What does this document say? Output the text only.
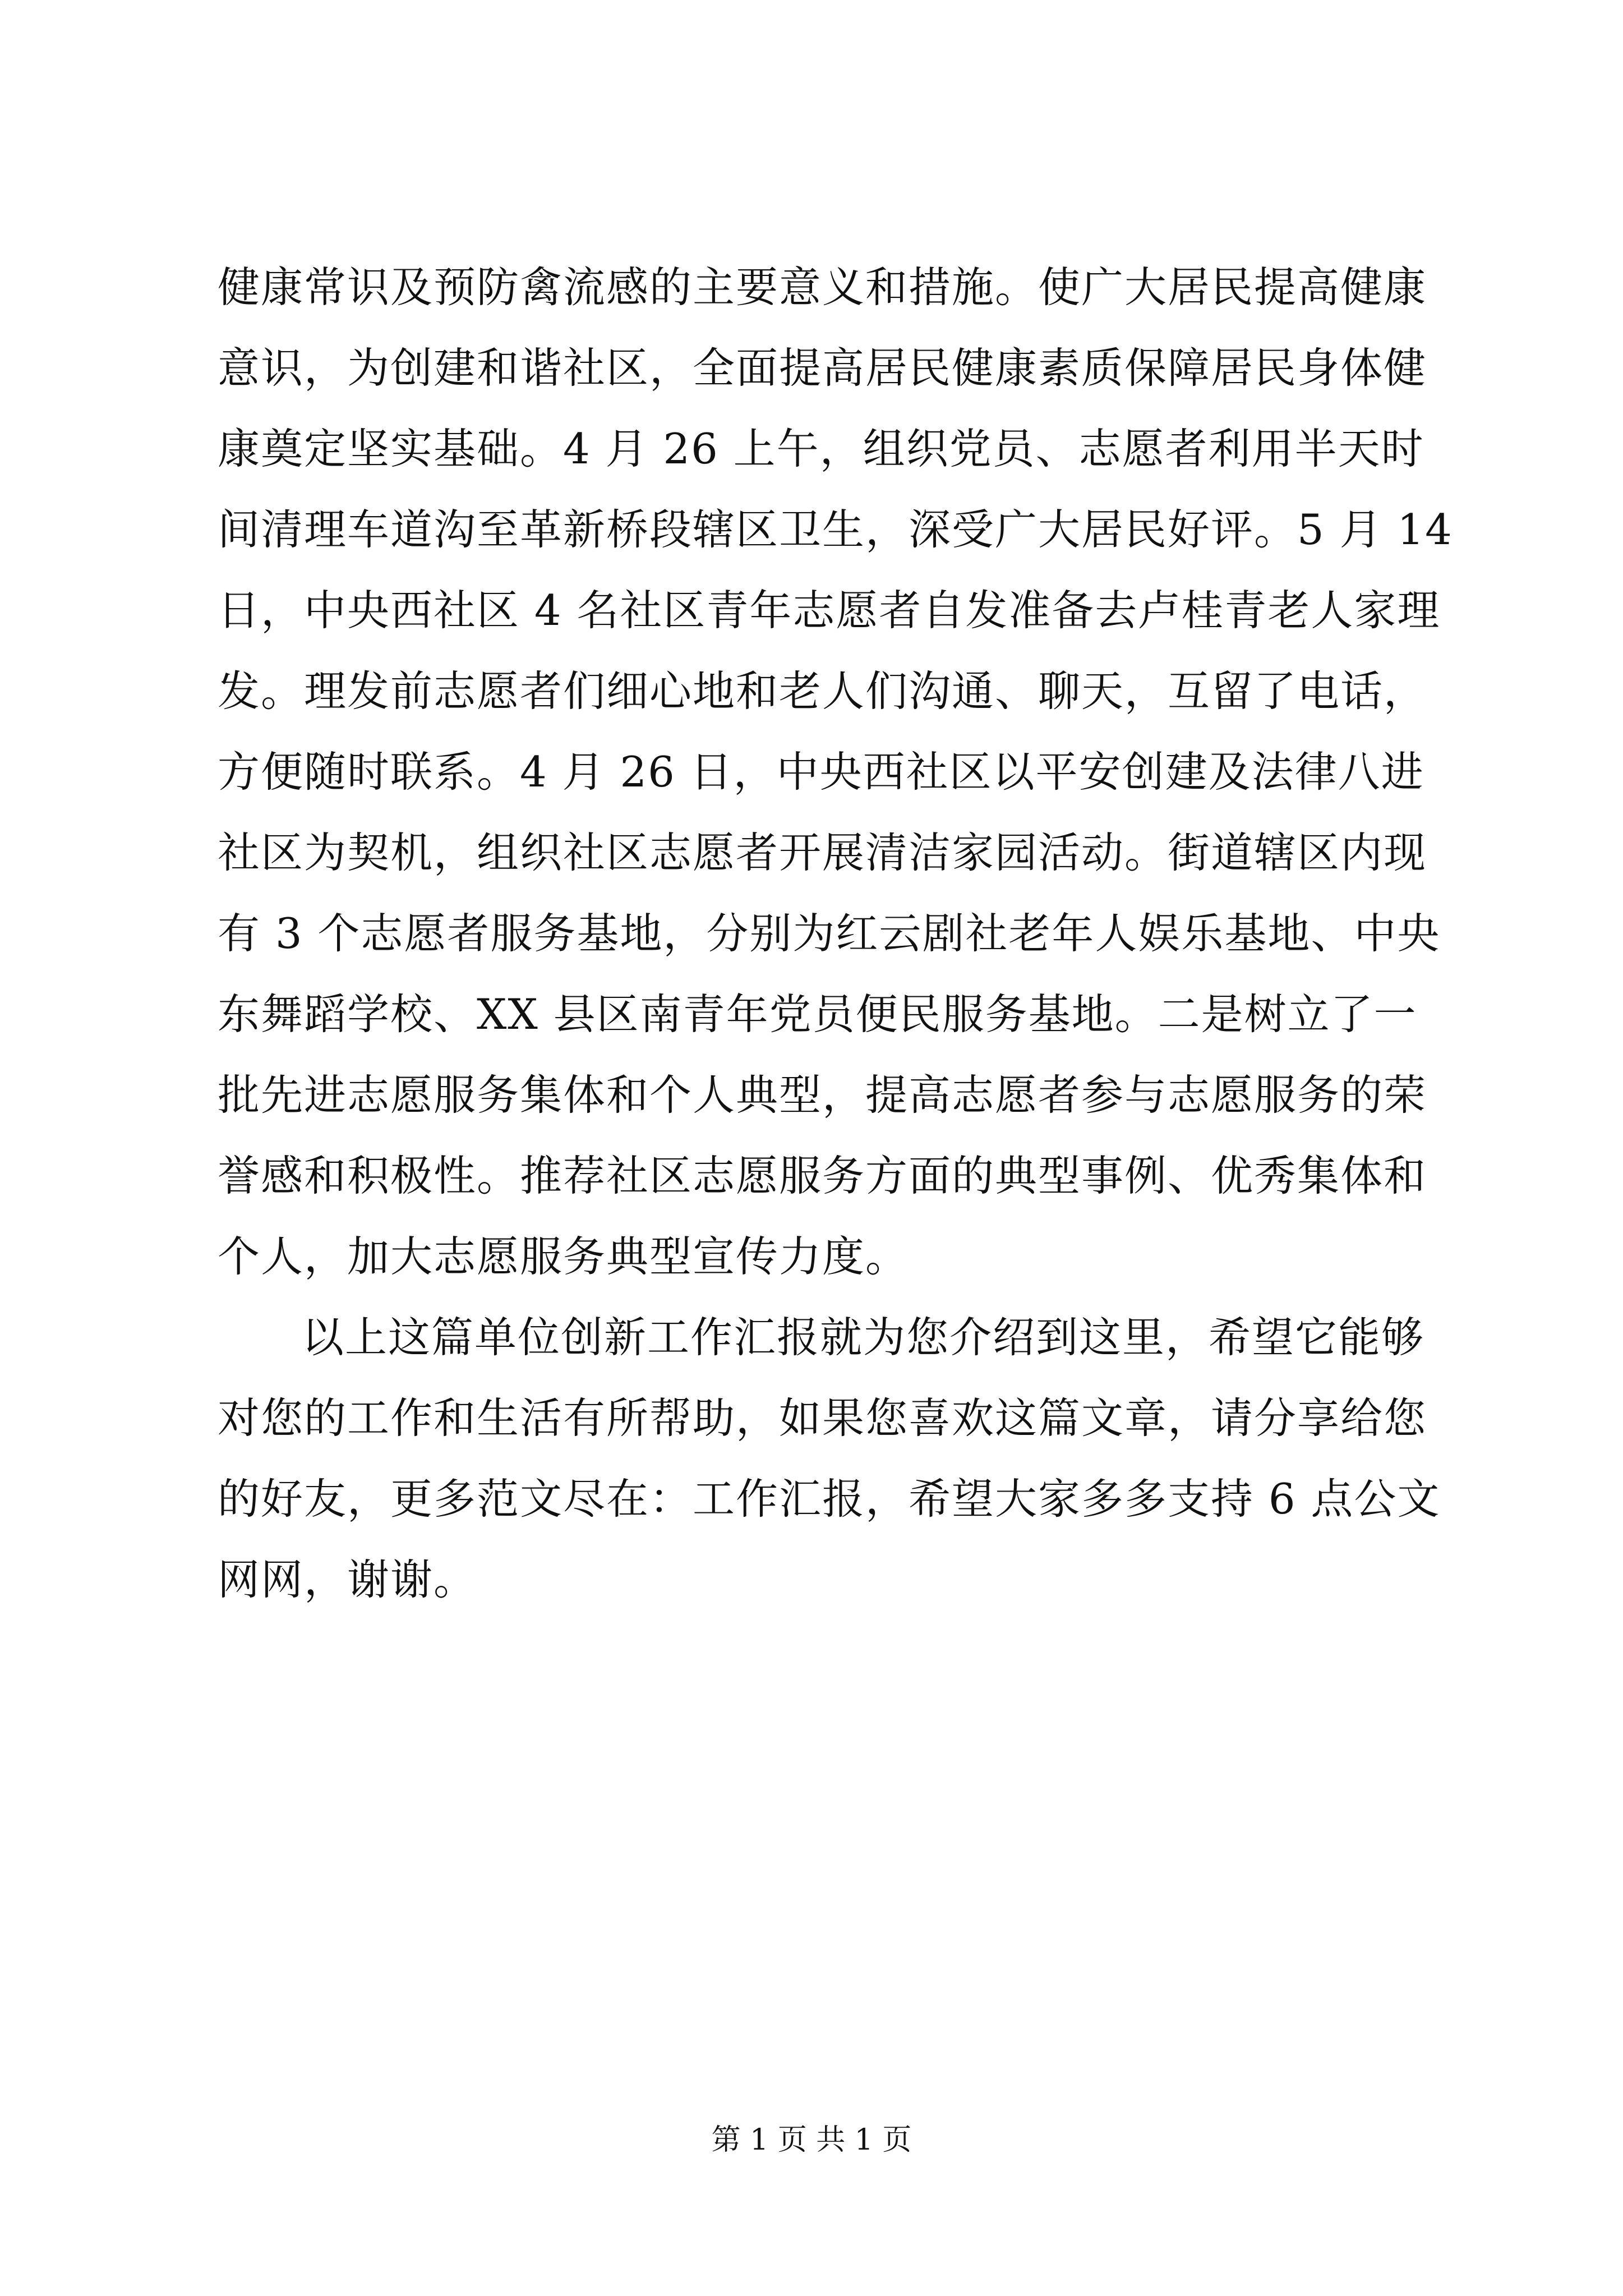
健康常识及预防禽流感的主要意义和措施。使广大居民提高健康
意识，为创建和谐社区，全面提高居民健康素质保障居民身体健
康奠定坚实基础。4 月 26 上午，组织党员、志愿者利用半天时
间清理车道沟至革新桥段辖区卫生，深受广大居民好评。5 月 14
日，中央西社区 4 名社区青年志愿者自发准备去卢桂青老人家理
发。理发前志愿者们细心地和老人们沟通、聊天，互留了电话，
方便随时联系。4 月 26 日，中央西社区以平安创建及法律八进
社区为契机，组织社区志愿者开展清洁家园活动。街道辖区内现
有 3 个志愿者服务基地，分别为红云剧社老年人娱乐基地、中央
东舞蹈学校、XX 县区南青年党员便民服务基地。二是树立了一
批先进志愿服务集体和个人典型，提高志愿者参与志愿服务的荣
誉感和积极性。推荐社区志愿服务方面的典型事例、优秀集体和
个人，加大志愿服务典型宣传力度。
以上这篇单位创新工作汇报就为您介绍到这里，希望它能够
对您的工作和生活有所帮助，如果您喜欢这篇文章，请分享给您
的好友，更多范文尽在：工作汇报，希望大家多多支持 6 点公文
网网，谢谢。
第 1 页 共 1 页
